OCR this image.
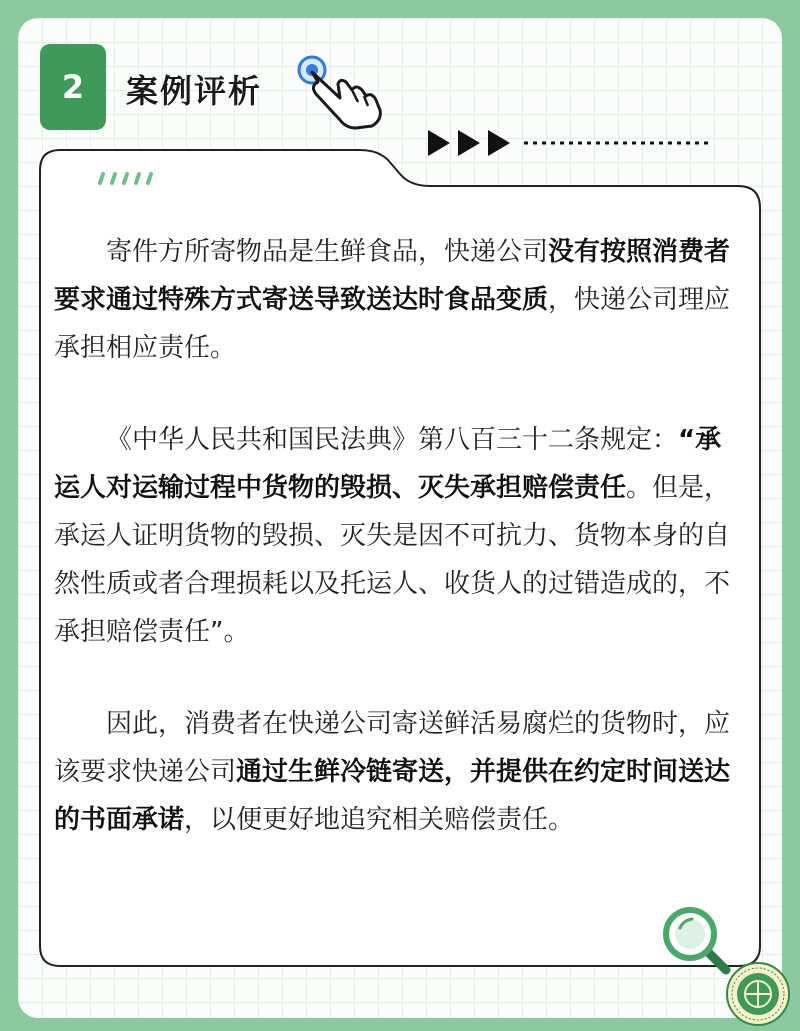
2 案例评析

寄件方所寄物品是生鲜食品，快递公司没有按照消费者要求通过特殊方式寄送导致送达时食品变质，快递公司理应承担相应责任。

《中华人民共和国民法典》第八百三十二条规定：“承运人对运输过程中货物的毁损、灭失承担赔偿责任。但是，承运人证明货物的毁损、灭失是因不可抗力、货物本身的自然性质或者合理损耗以及托运人、收货人的过错造成的，不承担赔偿责任”。

因此，消费者在快递公司寄送鲜活易腐烂的货物时，应该要求快递公司通过生鲜冷链寄送，并提供在约定时间送达的书面承诺，以便更好地追究相关赔偿责任。
